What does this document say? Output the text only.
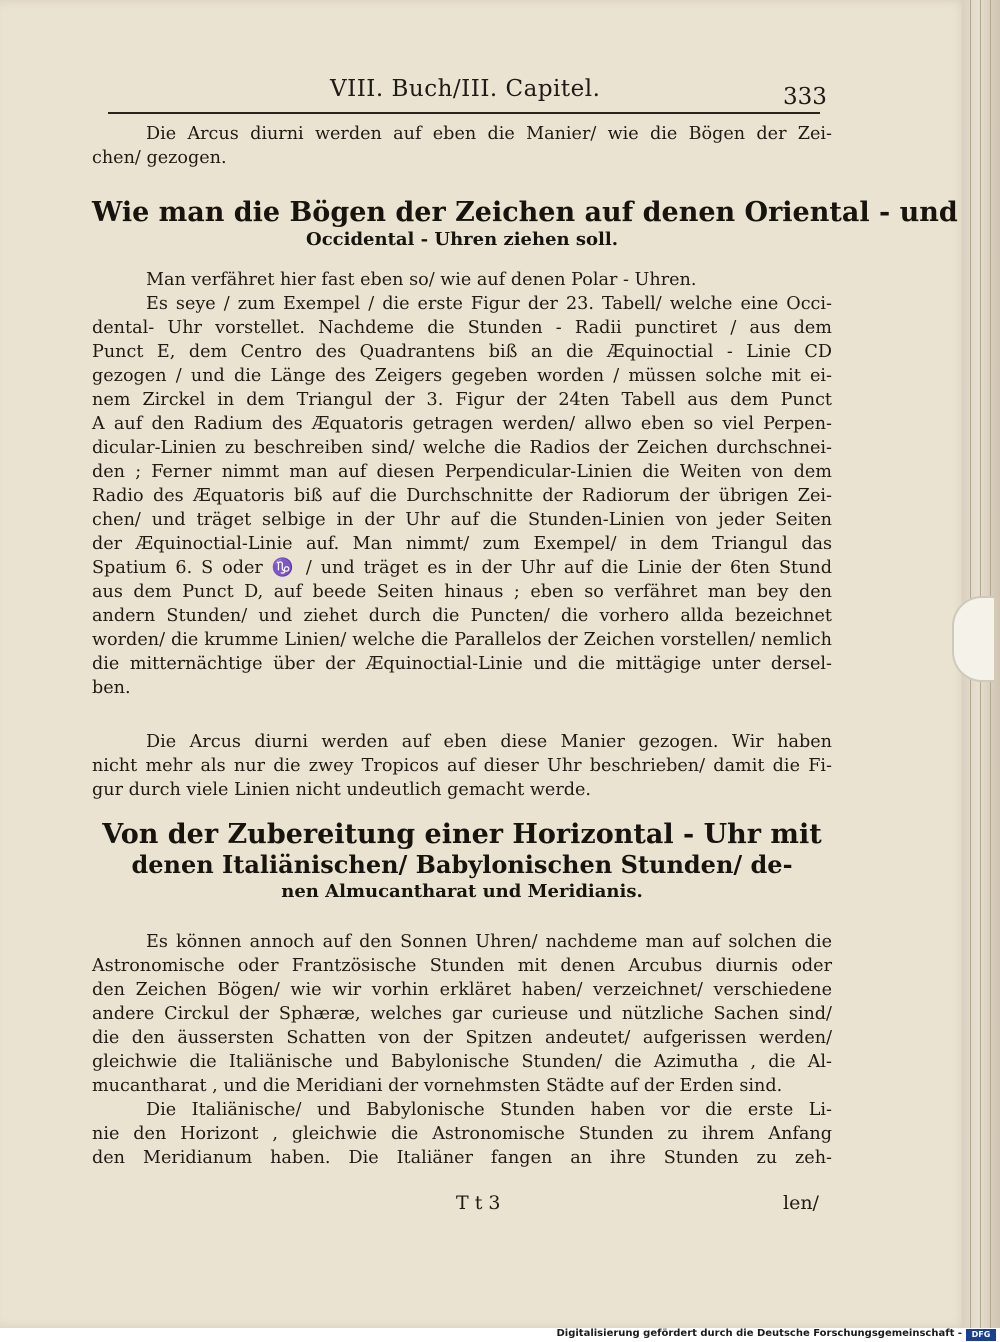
VIII. Buch/III. Capitel.	333
Die Arcus diurni werden auf eben die Manier/ wie die Bögen der Zei-
chen/ gezogen.
Wie man die Bögen der Zeichen auf denen Oriental - und
Occidental - Uhren ziehen soll.
Man verfähret hier fast eben so/ wie auf denen Polar - Uhren.
Es seye / zum Exempel / die erste Figur der 23. Tabell/ welche eine Occi-
dental- Uhr vorstellet. Nachdeme die Stunden - Radii punctiret / aus dem
Punct E, dem Centro des Quadrantens biß an die Æquinoctial - Linie CD
gezogen / und die Länge des Zeigers gegeben worden / müssen solche mit ei-
nem Zirckel in dem Triangul der 3. Figur der 24ten Tabell aus dem Punct
A auf den Radium des Æquatoris getragen werden/ allwo eben so viel Perpen-
dicular-Linien zu beschreiben sind/ welche die Radios der Zeichen durchschnei-
den ; Ferner nimmt man auf diesen Perpendicular-Linien die Weiten von dem
Radio des Æquatoris biß auf die Durchschnitte der Radiorum der übrigen Zei-
chen/ und träget selbige in der Uhr auf die Stunden-Linien von jeder Seiten
der Æquinoctial-Linie auf. Man nimmt/ zum Exempel/ in dem Triangul das
Spatium 6. S oder ♑ / und träget es in der Uhr auf die Linie der 6ten Stund
aus dem Punct D, auf beede Seiten hinaus ; eben so verfähret man bey den
andern Stunden/ und ziehet durch die Puncten/ die vorhero allda bezeichnet
worden/ die krumme Linien/ welche die Parallelos der Zeichen vorstellen/ nemlich
die mitternächtige über der Æquinoctial-Linie und die mittägige unter dersel-
ben.
Die Arcus diurni werden auf eben diese Manier gezogen. Wir haben
nicht mehr als nur die zwey Tropicos auf dieser Uhr beschrieben/ damit die Fi-
gur durch viele Linien nicht undeutlich gemacht werde.
Von der Zubereitung einer Horizontal - Uhr mit
denen Italiänischen/ Babylonischen Stunden/ de-
nen Almucantharat und Meridianis.
Es können annoch auf den Sonnen Uhren/ nachdeme man auf solchen die
Astronomische oder Frantzösische Stunden mit denen Arcubus diurnis oder
den Zeichen Bögen/ wie wir vorhin erkläret haben/ verzeichnet/ verschiedene
andere Circkul der Sphæræ, welches gar curieuse und nützliche Sachen sind/
die den äussersten Schatten von der Spitzen andeutet/ aufgerissen werden/
gleichwie die Italiänische und Babylonische Stunden/ die Azimutha , die Al-
mucantharat , und die Meridiani der vornehmsten Städte auf der Erden sind.
Die Italiänische/ und Babylonische Stunden haben vor die erste Li-
nie den Horizont , gleichwie die Astronomische Stunden zu ihrem Anfang
den Meridianum haben. Die Italiäner fangen an ihre Stunden zu zeh-
T t 3	len/
Digitalisierung gefördert durch die Deutsche Forschungsgemeinschaft -	DFG
